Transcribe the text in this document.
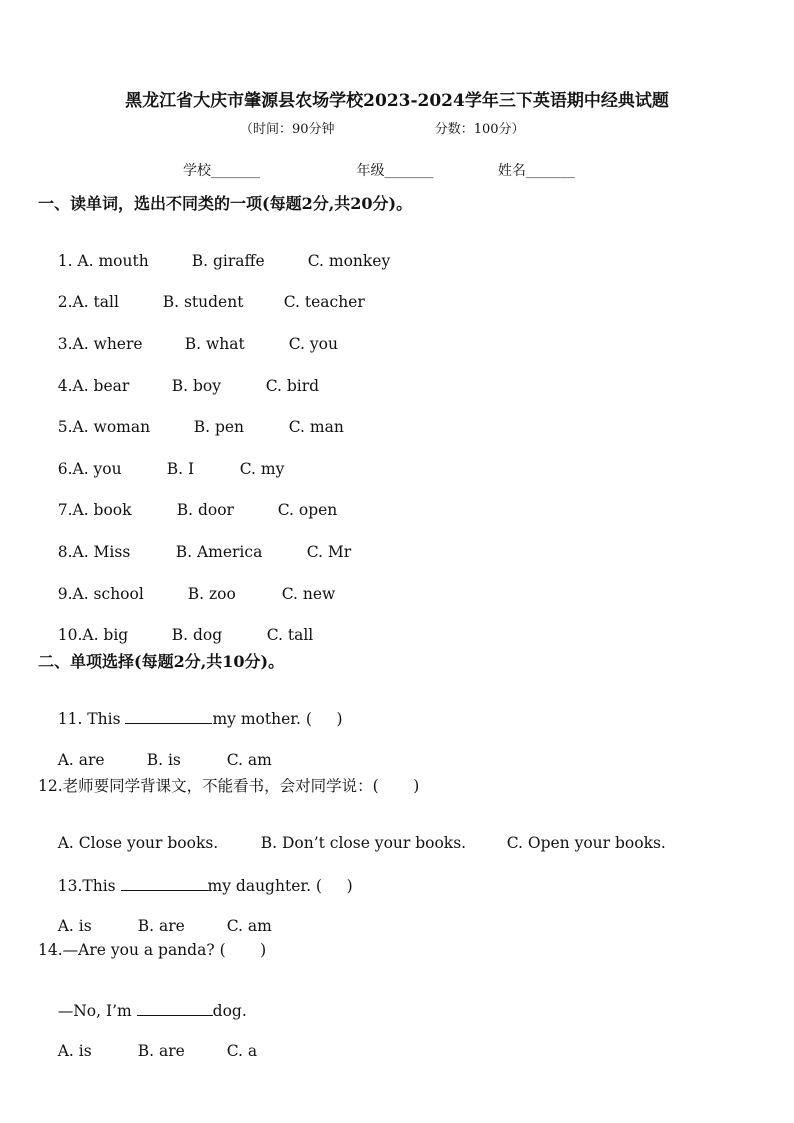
黑龙江省大庆市肇源县农场学校2023-2024学年三下英语期中经典试题
（时间：90分钟	分数：100分）
学校_______	年级_______	姓名_______
一、读单词，选出不同类的一项(每题2分,共20分)。

1. A. mouth	B. giraffe	C. monkey

2.A. tall	B. student	C. teacher

3.A. where	B. what	C. you

4.A. bear	B. boy	C. bird

5.A. woman	B. pen	C. man

6.A. you	B. I	C. my

7.A. book	B. door	C. open

8.A. Miss	B. America	C. Mr

9.A. school	B. zoo	C. new

10.A. big	B. dog	C. tall

二、单项选择(每题2分,共10分)。

11. This	my mother. (     )

A. are	B. is	C. am

12.老师要同学背课文，不能看书，会对同学说：(       )

A. Close your books.	B. Don’t close your books.	C. Open your books.

13.This	my daughter. (     )

A. is	B. are	C. am

14.—Are you a panda? (       )

—No, I’m	dog.

A. is	B. are	C. a
